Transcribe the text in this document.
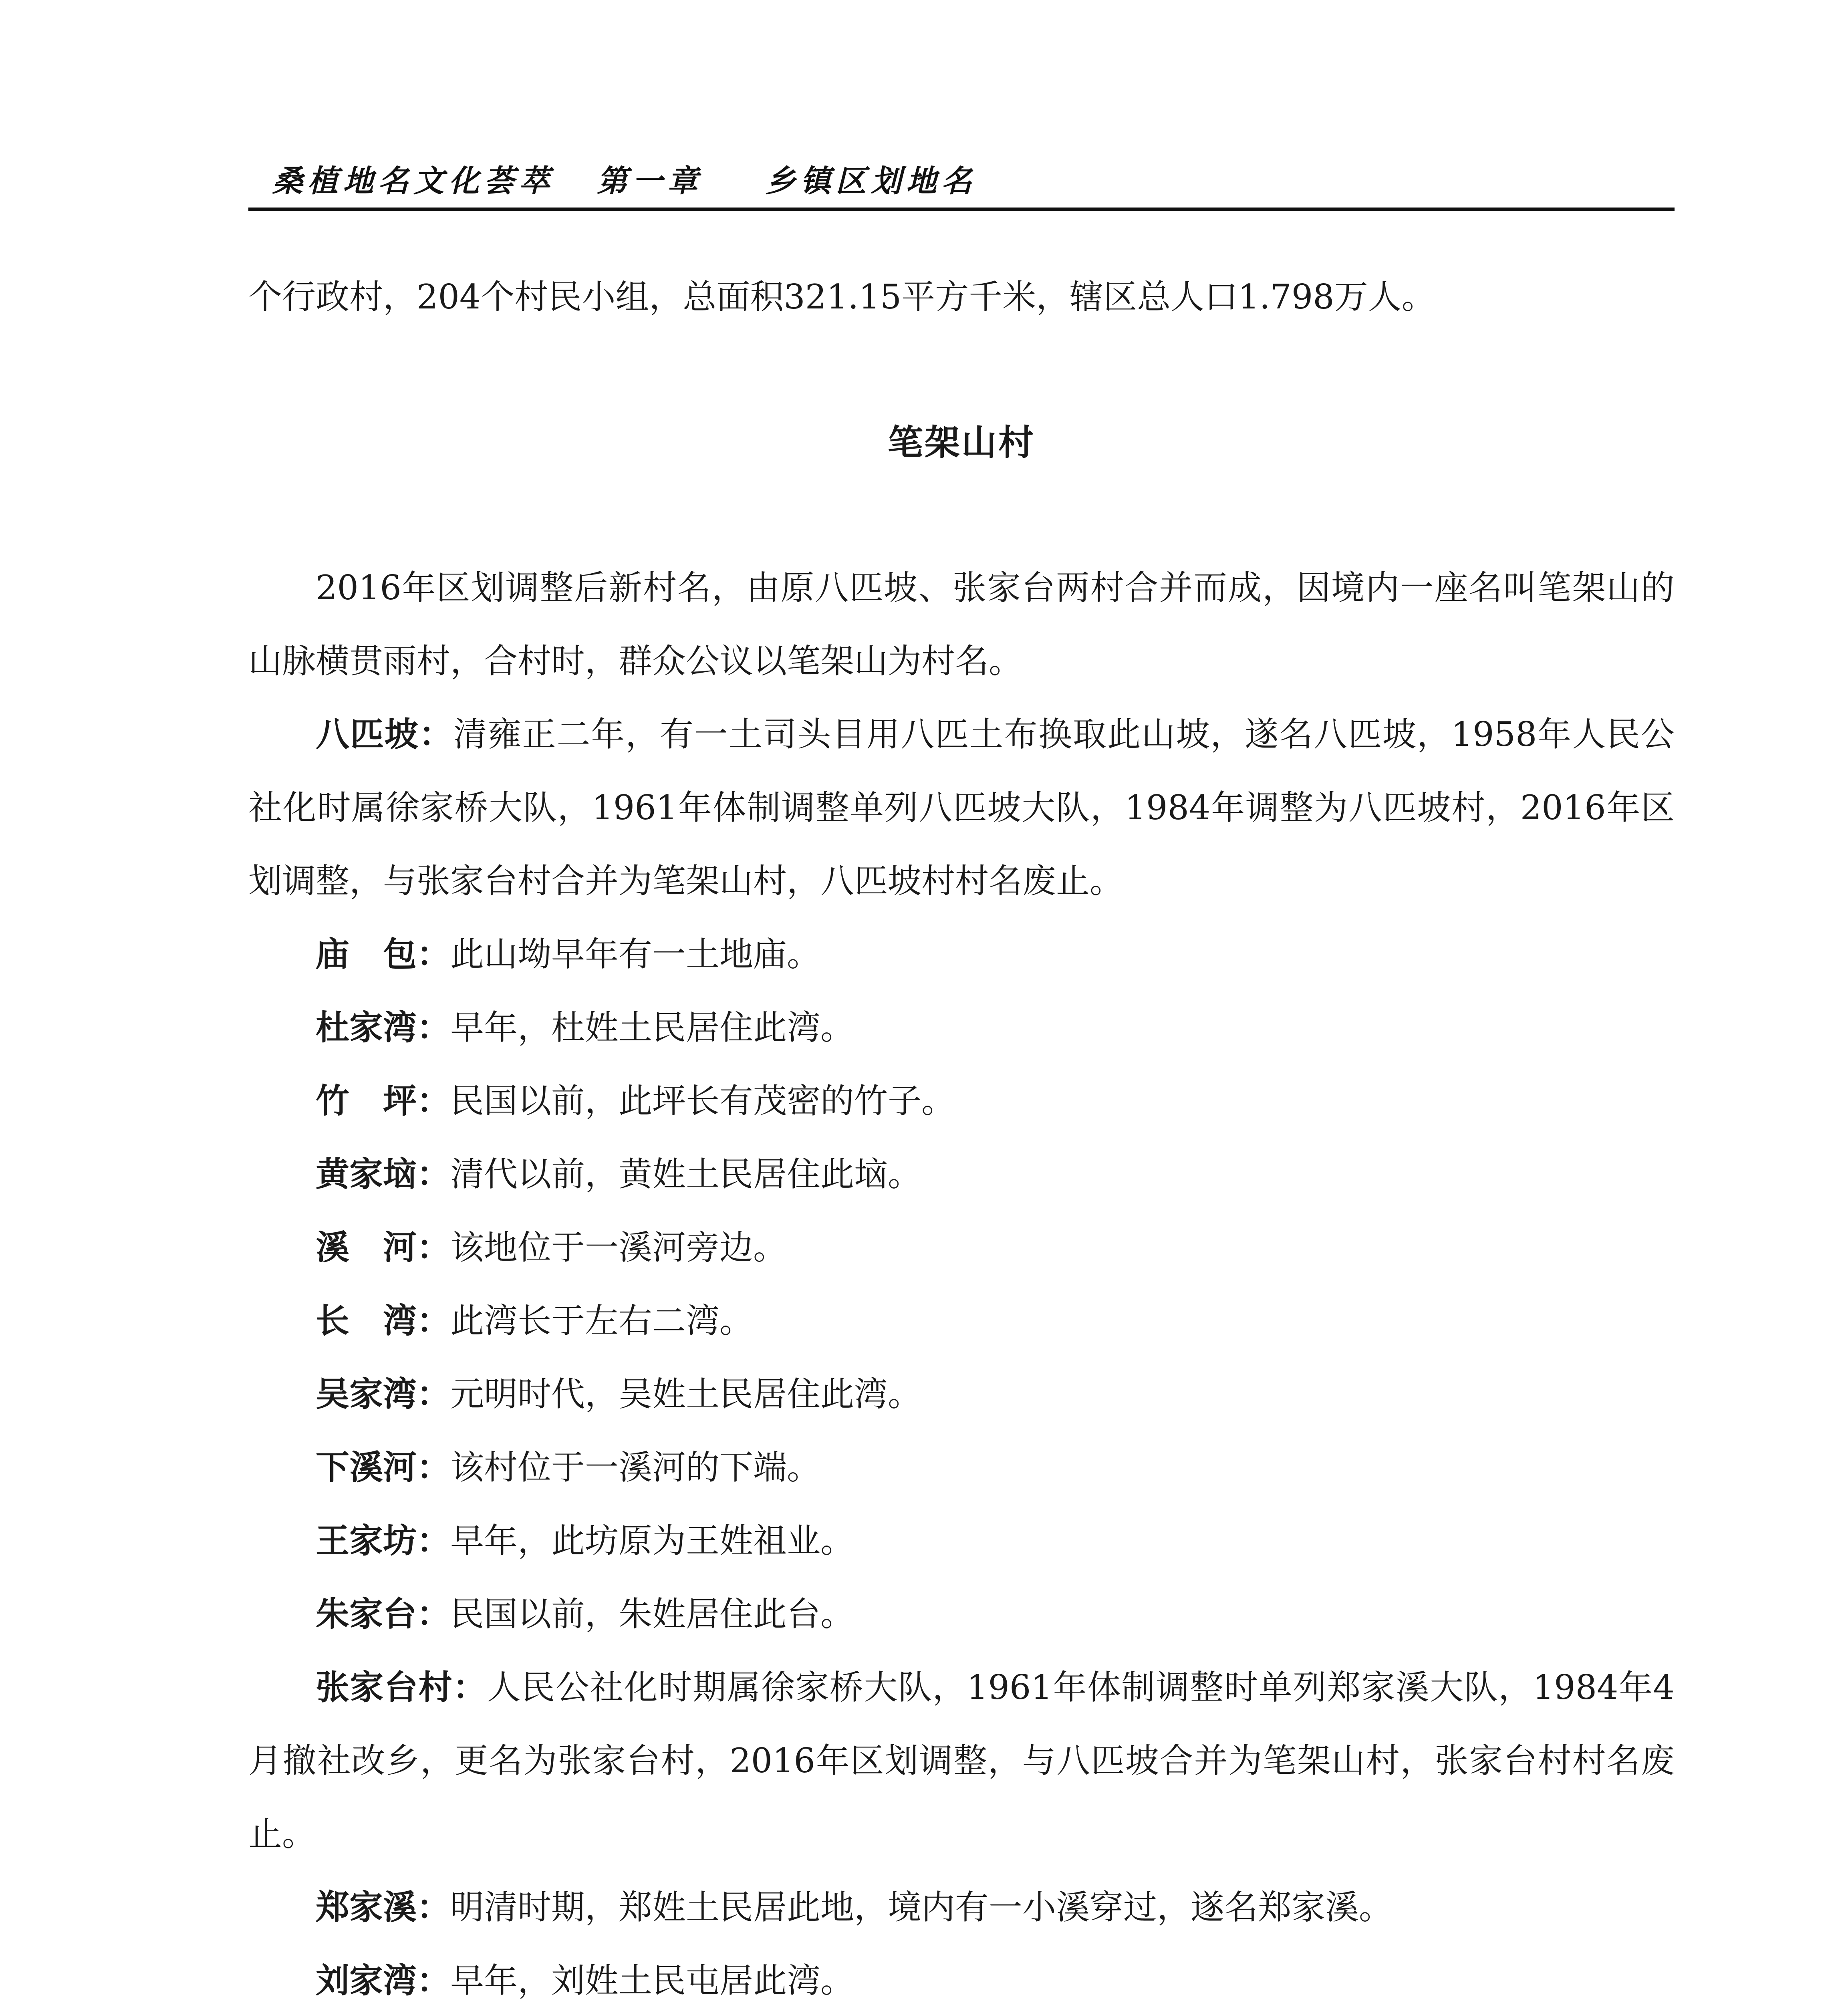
桑植地名文化荟萃	第一章	乡镇区划地名

个行政村，204个村民小组，总面积321.15平方千米，辖区总人口1.798万人。

笔架山村

2016年区划调整后新村名，由原八匹坡、张家台两村合并而成，因境内一座名叫笔架山的山脉横贯雨村，合村时，群众公议以笔架山为村名。

八匹坡：清雍正二年，有一土司头目用八匹土布换取此山坡，遂名八匹坡，1958年人民公社化时属徐家桥大队，1961年体制调整单列八匹坡大队，1984年调整为八匹坡村，2016年区划调整，与张家台村合并为笔架山村，八匹坡村村名废止。

庙包：此山坳早年有一土地庙。

杜家湾：早年，杜姓土民居住此湾。

竹坪：民国以前，此坪长有茂密的竹子。

黄家垴：清代以前，黄姓土民居住此垴。

溪河：该地位于一溪河旁边。

长湾：此湾长于左右二湾。

吴家湾：元明时代，吴姓土民居住此湾。

下溪河：该村位于一溪河的下端。

王家坊：早年，此坊原为王姓祖业。

朱家台：民国以前，朱姓居住此台。

张家台村：人民公社化时期属徐家桥大队，1961年体制调整时单列郑家溪大队，1984年4月撤社改乡，更名为张家台村，2016年区划调整，与八匹坡合并为笔架山村，张家台村村名废止。

郑家溪：明清时期，郑姓土民居此地，境内有一小溪穿过，遂名郑家溪。

刘家湾：早年，刘姓土民屯居此湾。
